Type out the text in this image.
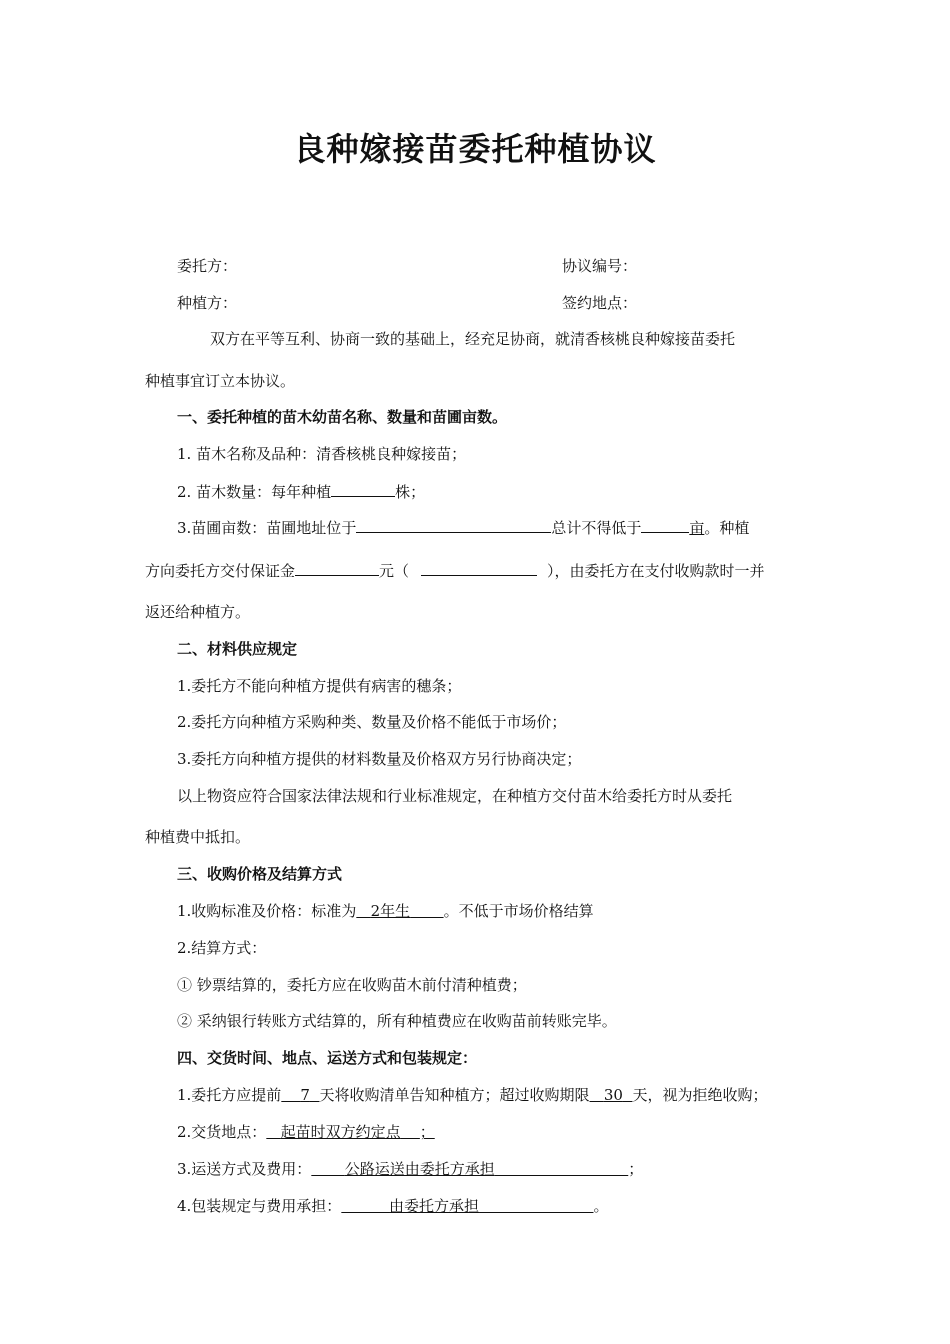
良种嫁接苗委托种植协议
委托方：	协议编号：
种植方：	签约地点：
双方在平等互利、协商一致的基础上，经充足协商，就清香核桃良种嫁接苗委托
种植事宜订立本协议。
一、委托种植的苗木幼苗名称、数量和苗圃亩数。
1. 苗木名称及品种：清香核桃良种嫁接苗；
2. 苗木数量：每年种植	株；
3.苗圃亩数：苗圃地址位于	总计不得低于	亩。种植
方向委托方交付保证金	元（	），由委托方在支付收购款时一并
返还给种植方。
二、材料供应规定
1.委托方不能向种植方提供有病害的穗条；
2.委托方向种植方采购种类、数量及价格不能低于市场价；
3.委托方向种植方提供的材料数量及价格双方另行协商决定；
以上物资应符合国家法律法规和行业标准规定，在种植方交付苗木给委托方时从委托
种植费中抵扣。
三、收购价格及结算方式
1.收购标准及价格：标准为 2年生 。不低于市场价格结算
2.结算方式：
① 钞票结算的，委托方应在收购苗木前付清种植费；
② 采纳银行转账方式结算的，所有种植费应在收购苗前转账完毕。
四、交货时间、地点、运送方式和包装规定：
1.委托方应提前 7 天将收购清单告知种植方；超过收购期限 30 天，视为拒绝收购；
2.交货地点： 起苗时双方约定点 ；
3.运送方式及费用： 公路运送由委托方承担	；
4.包装规定与费用承担：	由委托方承担	。
